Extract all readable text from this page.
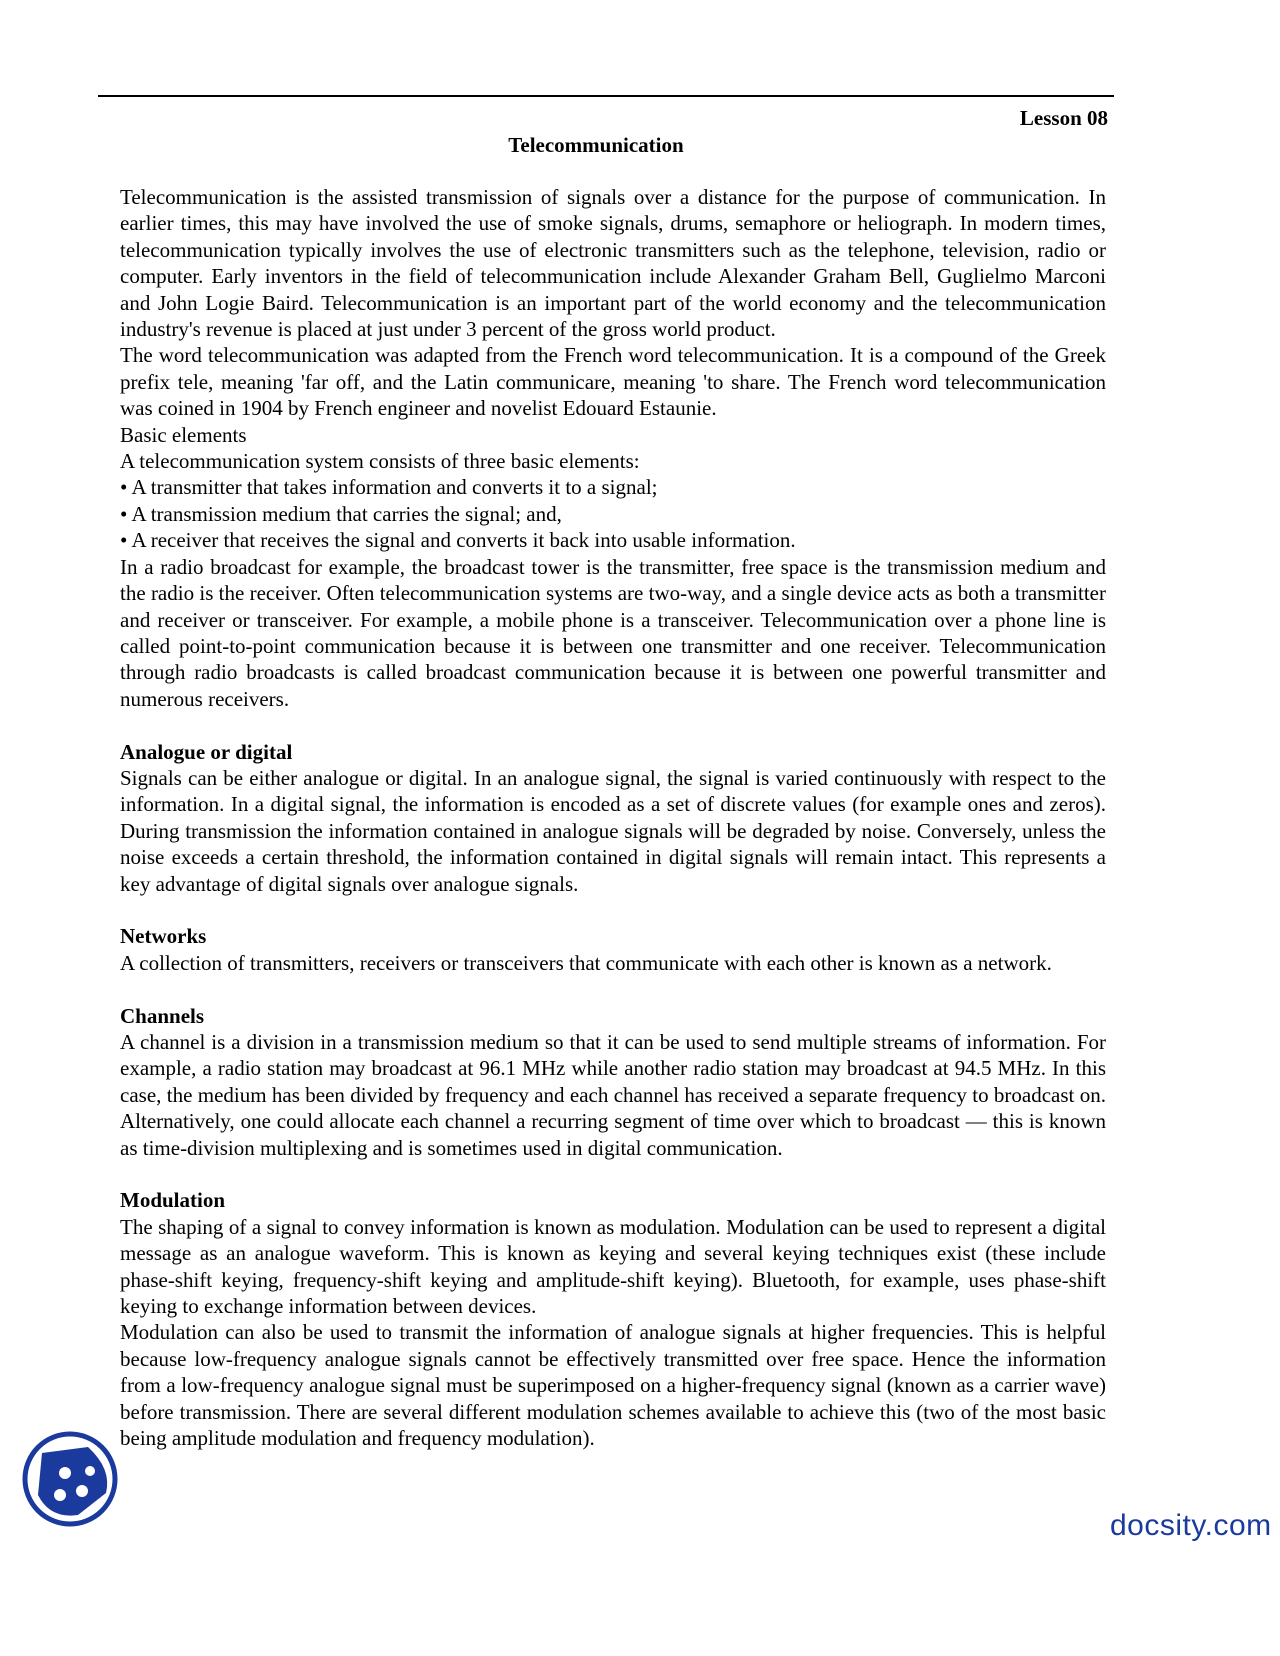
Lesson 08
Telecommunication

Telecommunication is the assisted transmission of signals over a distance for the purpose of communication. In earlier times, this may have involved the use of smoke signals, drums, semaphore or heliograph. In modern times, telecommunication typically involves the use of electronic transmitters such as the telephone, television, radio or computer. Early inventors in the field of telecommunication include Alexander Graham Bell, Guglielmo Marconi and John Logie Baird. Telecommunication is an important part of the world economy and the telecommunication industry's revenue is placed at just under 3 percent of the gross world product.

The word telecommunication was adapted from the French word telecommunication. It is a compound of the Greek prefix tele, meaning 'far off, and the Latin communicare, meaning 'to share. The French word telecommunication was coined in 1904 by French engineer and novelist Edouard Estaunie.

Basic elements

A telecommunication system consists of three basic elements:

• A transmitter that takes information and converts it to a signal;

• A transmission medium that carries the signal; and,

• A receiver that receives the signal and converts it back into usable information.

In a radio broadcast for example, the broadcast tower is the transmitter, free space is the transmission medium and the radio is the receiver. Often telecommunication systems are two-way, and a single device acts as both a transmitter and receiver or transceiver. For example, a mobile phone is a transceiver. Telecommunication over a phone line is called point-to-point communication because it is between one transmitter and one receiver. Telecommunication through radio broadcasts is called broadcast communication because it is between one powerful transmitter and numerous receivers.

Analogue or digital

Signals can be either analogue or digital. In an analogue signal, the signal is varied continuously with respect to the information. In a digital signal, the information is encoded as a set of discrete values (for example ones and zeros). During transmission the information contained in analogue signals will be degraded by noise. Conversely, unless the noise exceeds a certain threshold, the information contained in digital signals will remain intact. This represents a key advantage of digital signals over analogue signals.

Networks

A collection of transmitters, receivers or transceivers that communicate with each other is known as a network.

Channels

A channel is a division in a transmission medium so that it can be used to send multiple streams of information. For example, a radio station may broadcast at 96.1 MHz while another radio station may broadcast at 94.5 MHz. In this case, the medium has been divided by frequency and each channel has received a separate frequency to broadcast on. Alternatively, one could allocate each channel a recurring segment of time over which to broadcast — this is known as time-division multiplexing and is sometimes used in digital communication.

Modulation

The shaping of a signal to convey information is known as modulation. Modulation can be used to represent a digital message as an analogue waveform. This is known as keying and several keying techniques exist (these include phase-shift keying, frequency-shift keying and amplitude-shift keying). Bluetooth, for example, uses phase-shift keying to exchange information between devices.

Modulation can also be used to transmit the information of analogue signals at higher frequencies. This is helpful because low-frequency analogue signals cannot be effectively transmitted over free space. Hence the information from a low-frequency analogue signal must be superimposed on a higher-frequency signal (known as a carrier wave) before transmission. There are several different modulation schemes available to achieve this (two of the most basic being amplitude modulation and frequency modulation).

docsity.com
